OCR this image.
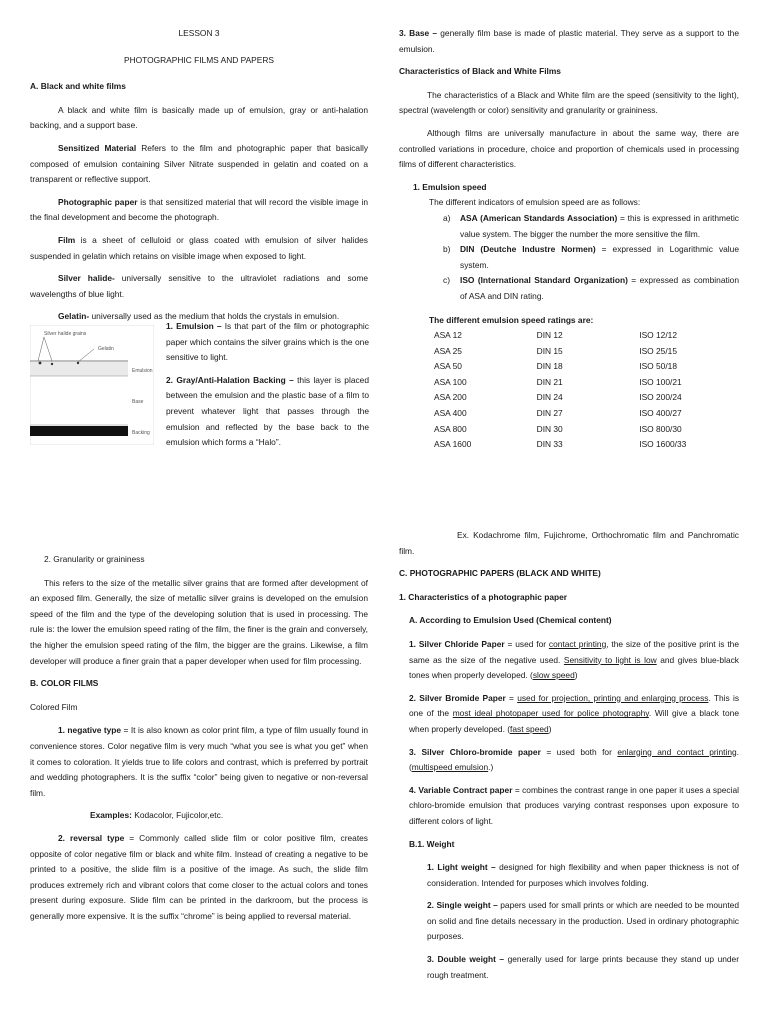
LESSON 3

PHOTOGRAPHIC FILMS AND PAPERS

A. Black and white films

A black and white film is basically made up of emulsion, gray or anti-halation backing, and a support base.

Sensitized Material Refers to the film and photographic paper that basically composed of emulsion containing Silver Nitrate suspended in gelatin and coated on a transparent or reflective support.

Photographic paper is that sensitized material that will record the visible image in the final development and become the photograph.

Film is a sheet of celluloid or glass coated with emulsion of silver halides suspended in gelatin which retains on visible image when exposed to light.

Silver halide- universally sensitive to the ultraviolet radiations and some wavelengths of blue light.

Gelatin- universally used as the medium that holds the crystals in emulsion.

Silver halide grains
Gelatin
Emulsion
Base
Backing

1. Emulsion – Is that part of the film or photographic paper which contains the silver grains which is the one sensitive to light.

2. Gray/Anti-Halation Backing – this layer is placed between the emulsion and the plastic base of a film to prevent whatever light that passes through the emulsion and reflected by the base back to the emulsion which forms a “Halo”.

3. Base – generally film base is made of plastic material. They serve as a support to the emulsion.

Characteristics of Black and White Films

The characteristics of a Black and White film are the speed (sensitivity to the light), spectral (wavelength or color) sensitivity and granularity or graininess.

Although films are universally manufacture in about the same way, there are controlled variations in procedure, choice and proportion of chemicals used in processing films of different characteristics.

1. Emulsion speed

The different indicators of emulsion speed are as follows:

a)	ASA (American Standards Association) = this is expressed in arithmetic value system. The bigger the number the more sensitive the film.
b)	DIN (Deutche Industre Normen) = expressed in Logarithmic value system.
c)	ISO (International Standard Organization) = expressed as combination of ASA and DIN rating.

The different emulsion speed ratings are:

ASA 12	DIN 12	ISO 12/12
ASA 25	DIN 15	ISO 25/15
ASA 50	DIN 18	ISO 50/18
ASA 100	DIN 21	ISO 100/21
ASA 200	DIN 24	ISO 200/24
ASA 400	DIN 27	ISO 400/27
ASA 800	DIN 30	ISO 800/30
ASA 1600	DIN 33	ISO 1600/33

2. Granularity or graininess

This refers to the size of the metallic silver grains that are formed after development of an exposed film. Generally, the size of metallic silver grains is developed on the emulsion speed of the film and the type of the developing solution that is used in processing. The rule is: the lower the emulsion speed rating of the film, the finer is the grain and conversely, the higher the emulsion speed rating of the film, the bigger are the grains. Likewise, a film developer will produce a finer grain that a paper developer when used for film processing.

B. COLOR FILMS

Colored Film

1. negative type = It is also known as color print film, a type of film usually found in convenience stores. Color negative film is very much “what you see is what you get” when it comes to coloration. It yields true to life colors and contrast, which is preferred by portrait and wedding photographers. It is the suffix “color” being given to negative or non-reversal film.

Examples: Kodacolor, Fujicolor,etc.

2. reversal type = Commonly called slide film or color positive film, creates opposite of color negative film or black and white film. Instead of creating a negative to be printed to a positive, the slide film is a positive of the image. As such, the slide film produces extremely rich and vibrant colors that come closer to the actual colors and tones present during exposure. Slide film can be printed in the darkroom, but the process is generally more expensive. It is the suffix “chrome” is being applied to reversal material.

Ex. Kodachrome film, Fujichrome, Orthochromatic film and Panchromatic film.

C. PHOTOGRAPHIC PAPERS (BLACK AND WHITE)

1. Characteristics of a photographic paper

A. According to Emulsion Used (Chemical content)

1. Silver Chloride Paper = used for contact printing, the size of the positive print is the same as the size of the negative used. Sensitivity to light is low and gives blue-black tones when properly developed. (slow speed)

2. Silver Bromide Paper = used for projection, printing and enlarging process. This is one of the most ideal photopaper used for police photography. Will give a black tone when properly developed. (fast speed)

3. Silver Chloro-bromide paper = used both for enlarging and contact printing. (multispeed emulsion.)

4. Variable Contract paper = combines the contrast range in one paper it uses a special chloro-bromide emulsion that produces varying contrast responses upon exposure to different colors of light.

B.1. Weight

1. Light weight – designed for high flexibility and when paper thickness is not of consideration. Intended for purposes which involves folding.

2. Single weight – papers used for small prints or which are needed to be mounted on solid and fine details necessary in the production. Used in ordinary photographic purposes.

3. Double weight – generally used for large prints because they stand up under rough treatment.
